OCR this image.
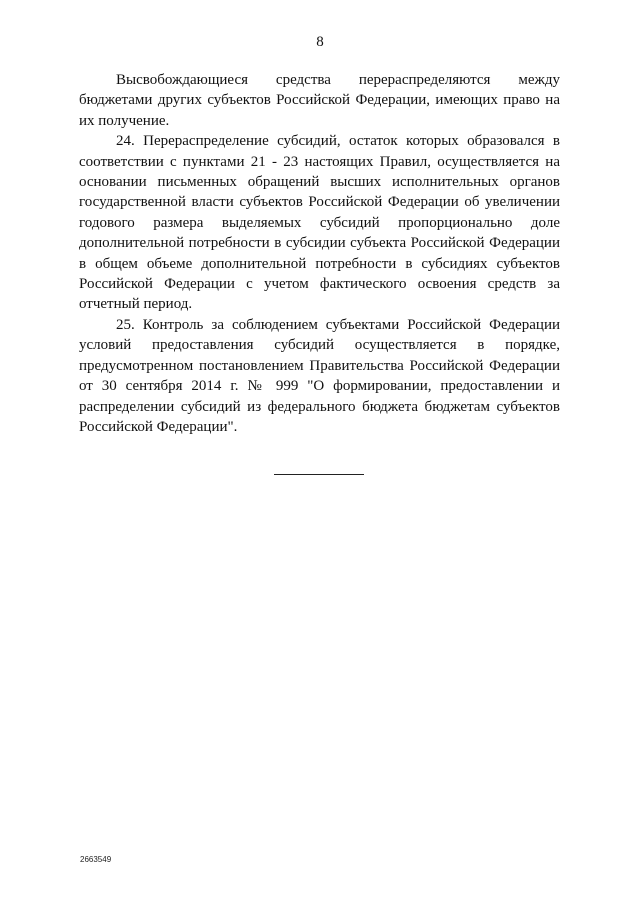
8

Высвобождающиеся средства перераспределяются между бюджетами других субъектов Российской Федерации, имеющих право на их получение.

24. Перераспределение субсидий, остаток которых образовался в соответствии с пунктами 21 - 23 настоящих Правил, осуществляется на основании письменных обращений высших исполнительных органов государственной власти субъектов Российской Федерации об увеличении годового размера выделяемых субсидий пропорционально доле дополнительной потребности в субсидии субъекта Российской Федерации в общем объеме дополнительной потребности в субсидиях субъектов Российской Федерации с учетом фактического освоения средств за отчетный период.

25. Контроль за соблюдением субъектами Российской Федерации условий предоставления субсидий осуществляется в порядке, предусмотренном постановлением Правительства Российской Федерации от 30 сентября 2014 г. № 999 "О формировании, предоставлении и распределении субсидий из федерального бюджета бюджетам субъектов Российской Федерации".

2663549
